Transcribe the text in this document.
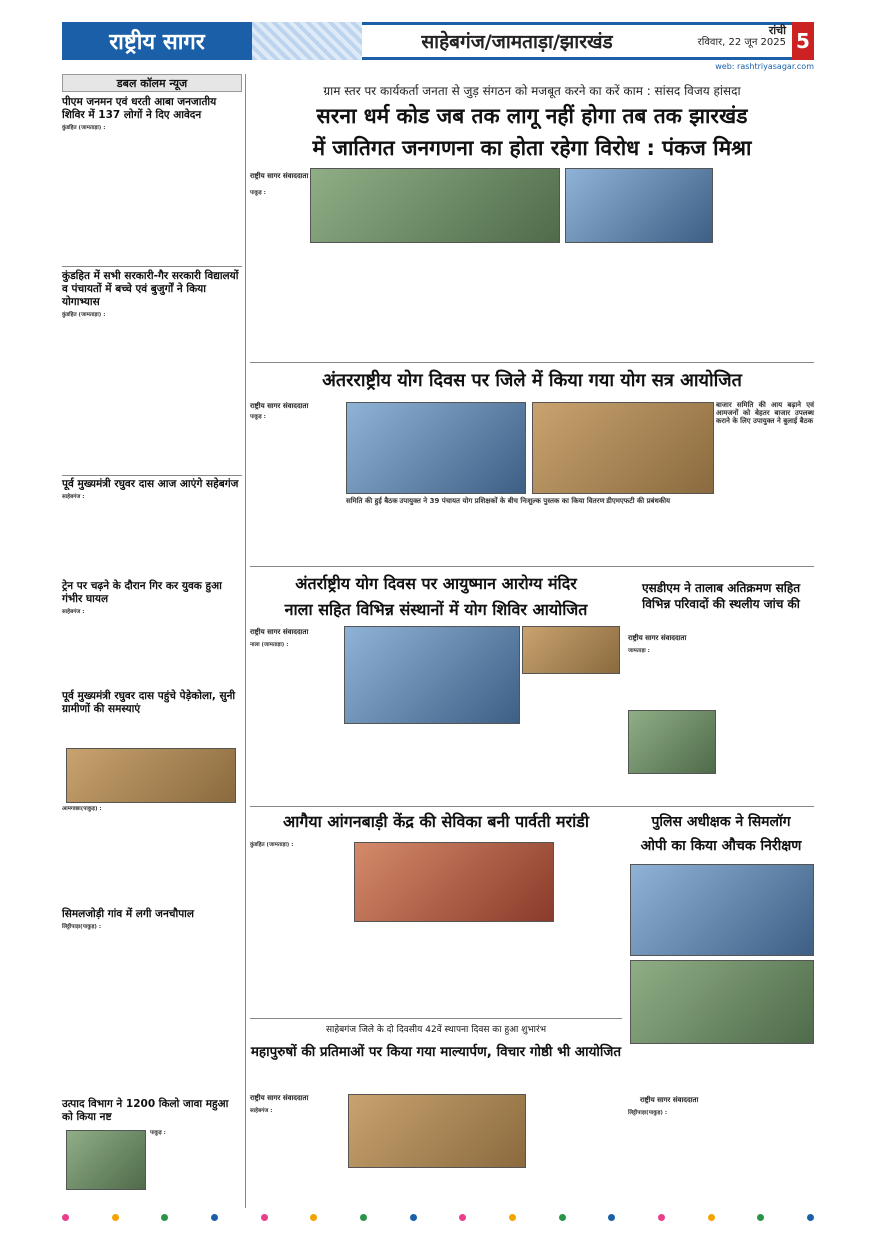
राष्ट्रीय सागर	साहेबगंज/जामताड़ा/झारखंड
रांची
रविवार, 22 जून 2025 5
web: rashtriyasagar.com
डबल कॉलम न्यूज
पीएम जनमन एवं धरती आबा जनजातीय शिविर में 137 लोगों ने दिए आवेदन
कुंडहित (जामताड़ा) :
कुंडहित में सभी सरकारी-गैर सरकारी विद्यालयों व पंचायतों में बच्चे एवं बुजुर्गों ने किया योगाभ्यास
कुंडहित (जामताड़ा) :
पूर्व मुख्यमंत्री रघुवर दास आज आएंगे सहेबगंज
साहेबगंज :
ट्रेन पर चढ़ने के दौरान गिर कर युवक हुआ गंभीर घायल
साहेबगंज :
पूर्व मुख्यमंत्री रघुवर दास पहुंचे पेड़ेकोला, सुनी ग्रामीणों की समस्याएं
आमगाछा(पाकुड़) :
सिमलजोड़ी गांव में लगी जनचौपाल
लिट्टीपाड़ा(पाकुड़) :
उत्पाद विभाग ने 1200 किलो जावा महुआ को किया नष्ट
पाकुड़ :
ग्राम स्तर पर कार्यकर्ता जनता से जुड़ संगठन को मजबूत करने का करें काम : सांसद विजय हांसदा
सरना धर्म कोड जब तक लागू नहीं होगा तब तक झारखंड
में जातिगत जनगणना का होता रहेगा विरोध : पंकज मिश्रा
राष्ट्रीय सागर संवाददाता
पाकुड़ :
अंतरराष्ट्रीय योग दिवस पर जिले में किया गया योग सत्र आयोजित
राष्ट्रीय सागर संवाददाता
पाकुड़ :
समिति की हुई बैठक उपायुक्त ने 39 पंचायत योग प्रशिक्षकों के बीच निःशुल्क पुस्तक का किया वितरण डीएमएफटी की प्रबंधकीय
बाजार समिति की आय बढ़ाने एवं आमजनों को बेहतर बाजार उपलब्ध कराने के लिए उपायुक्त ने बुलाई बैठक
अंतर्राष्ट्रीय योग दिवस पर आयुष्मान आरोग्य मंदिर
नाला सहित विभिन्न संस्थानों में योग शिविर आयोजित
राष्ट्रीय सागर संवाददाता
नाला (जामताड़ा) :
एसडीएम ने तालाब अतिक्रमण सहित विभिन्न परिवादों की स्थलीय जांच की
राष्ट्रीय सागर संवाददाता
जामताड़ा :
आगैया आंगनबाड़ी केंद्र की सेविका बनी पार्वती मरांडी
कुंडहित (जामताड़ा) :
पुलिस अधीक्षक ने सिमलॉग
ओपी का किया औचक निरीक्षण
राष्ट्रीय सागर संवाददाता
लिट्टीपाड़ा(पाकुड़) :
साहेबगंज जिले के दो दिवसीय 42वें स्थापना दिवस का हुआ शुभारंभ
महापुरुषों की प्रतिमाओं पर किया गया माल्यार्पण, विचार गोष्ठी भी आयोजित
राष्ट्रीय सागर संवाददाता
साहेबगंज :
